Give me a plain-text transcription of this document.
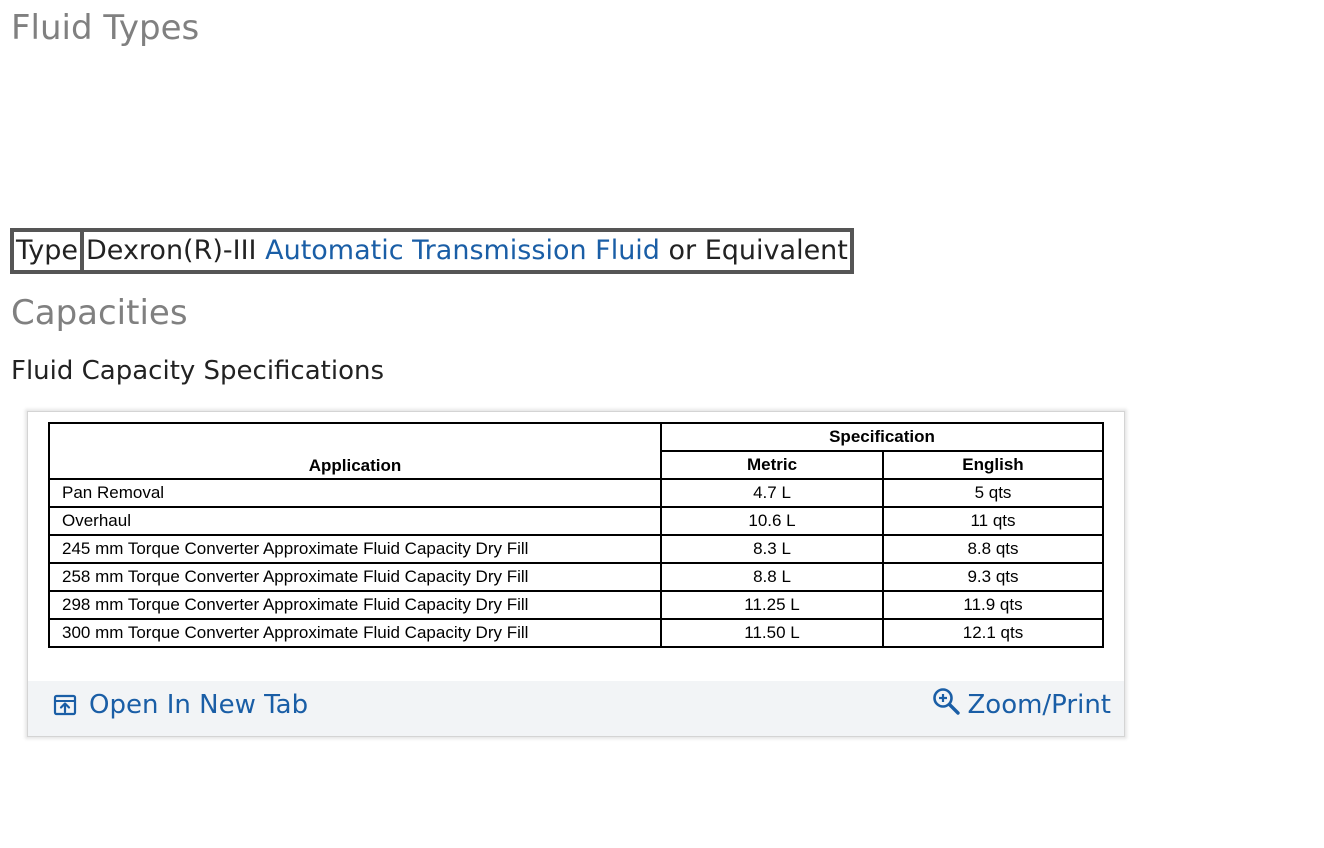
Fluid Types
Type	Dexron(R)-III Automatic Transmission Fluid or Equivalent
Capacities

Fluid Capacity Specifications

Application	Specification	
	Metric	English
Pan Removal	4.7 L	5 qts
Overhaul	10.6 L	11 qts
245 mm Torque Converter Approximate Fluid Capacity Dry Fill	8.3 L	8.8 qts
258 mm Torque Converter Approximate Fluid Capacity Dry Fill	8.8 L	9.3 qts
298 mm Torque Converter Approximate Fluid Capacity Dry Fill	11.25 L	11.9 qts
300 mm Torque Converter Approximate Fluid Capacity Dry Fill	11.50 L	12.1 qts
Open In New Tab	Zoom/Print
